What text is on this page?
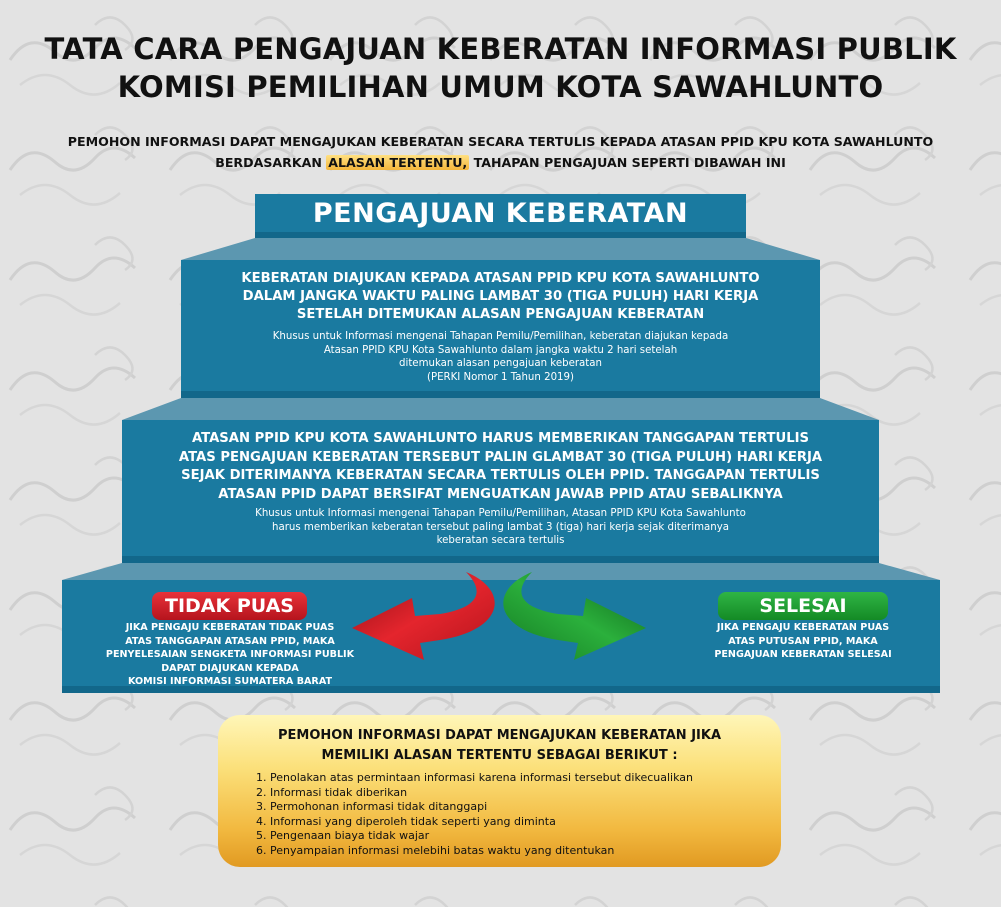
TATA CARA PENGAJUAN KEBERATAN INFORMASI PUBLIK
KOMISI PEMILIHAN UMUM KOTA SAWAHLUNTO
PEMOHON INFORMASI DAPAT MENGAJUKAN KEBERATAN SECARA TERTULIS KEPADA ATASAN PPID KPU KOTA SAWAHLUNTO
BERDASARKAN ALASAN TERTENTU, TAHAPAN PENGAJUAN SEPERTI DIBAWAH INI
PENGAJUAN KEBERATAN
KEBERATAN DIAJUKAN KEPADA ATASAN PPID KPU KOTA SAWAHLUNTO
DALAM JANGKA WAKTU PALING LAMBAT 30 (TIGA PULUH) HARI KERJA
SETELAH DITEMUKAN ALASAN PENGAJUAN KEBERATAN
Khusus untuk Informasi mengenai Tahapan Pemilu/Pemilihan, keberatan diajukan kepada
Atasan PPID KPU Kota Sawahlunto dalam jangka waktu 2 hari setelah
ditemukan alasan pengajuan keberatan
(PERKI Nomor 1 Tahun 2019)
ATASAN PPID KPU KOTA SAWAHLUNTO HARUS MEMBERIKAN TANGGAPAN TERTULIS
ATAS PENGAJUAN KEBERATAN TERSEBUT PALIN GLAMBAT 30 (TIGA PULUH) HARI KERJA
SEJAK DITERIMANYA KEBERATAN SECARA TERTULIS OLEH PPID. TANGGAPAN TERTULIS
ATASAN PPID DAPAT BERSIFAT MENGUATKAN JAWAB PPID ATAU SEBALIKNYA
Khusus untuk Informasi mengenai Tahapan Pemilu/Pemilihan, Atasan PPID KPU Kota Sawahlunto
harus memberikan keberatan tersebut paling lambat 3 (tiga) hari kerja sejak diterimanya
keberatan secara tertulis
TIDAK PUAS
JIKA PENGAJU KEBERATAN TIDAK PUAS
ATAS TANGGAPAN ATASAN PPID, MAKA
PENYELESAIAN SENGKETA INFORMASI PUBLIK
DAPAT DIAJUKAN KEPADA
KOMISI INFORMASI SUMATERA BARAT
SELESAI
JIKA PENGAJU KEBERATAN PUAS
ATAS PUTUSAN PPID, MAKA
PENGAJUAN KEBERATAN SELESAI
PEMOHON INFORMASI DAPAT MENGAJUKAN KEBERATAN JIKA
MEMILIKI ALASAN TERTENTU SEBAGAI BERIKUT :
1. Penolakan atas permintaan informasi karena informasi tersebut dikecualikan
2. Informasi tidak diberikan
3. Permohonan informasi tidak ditanggapi
4. Informasi yang diperoleh tidak seperti yang diminta
5. Pengenaan biaya tidak wajar
6. Penyampaian informasi melebihi batas waktu yang ditentukan
